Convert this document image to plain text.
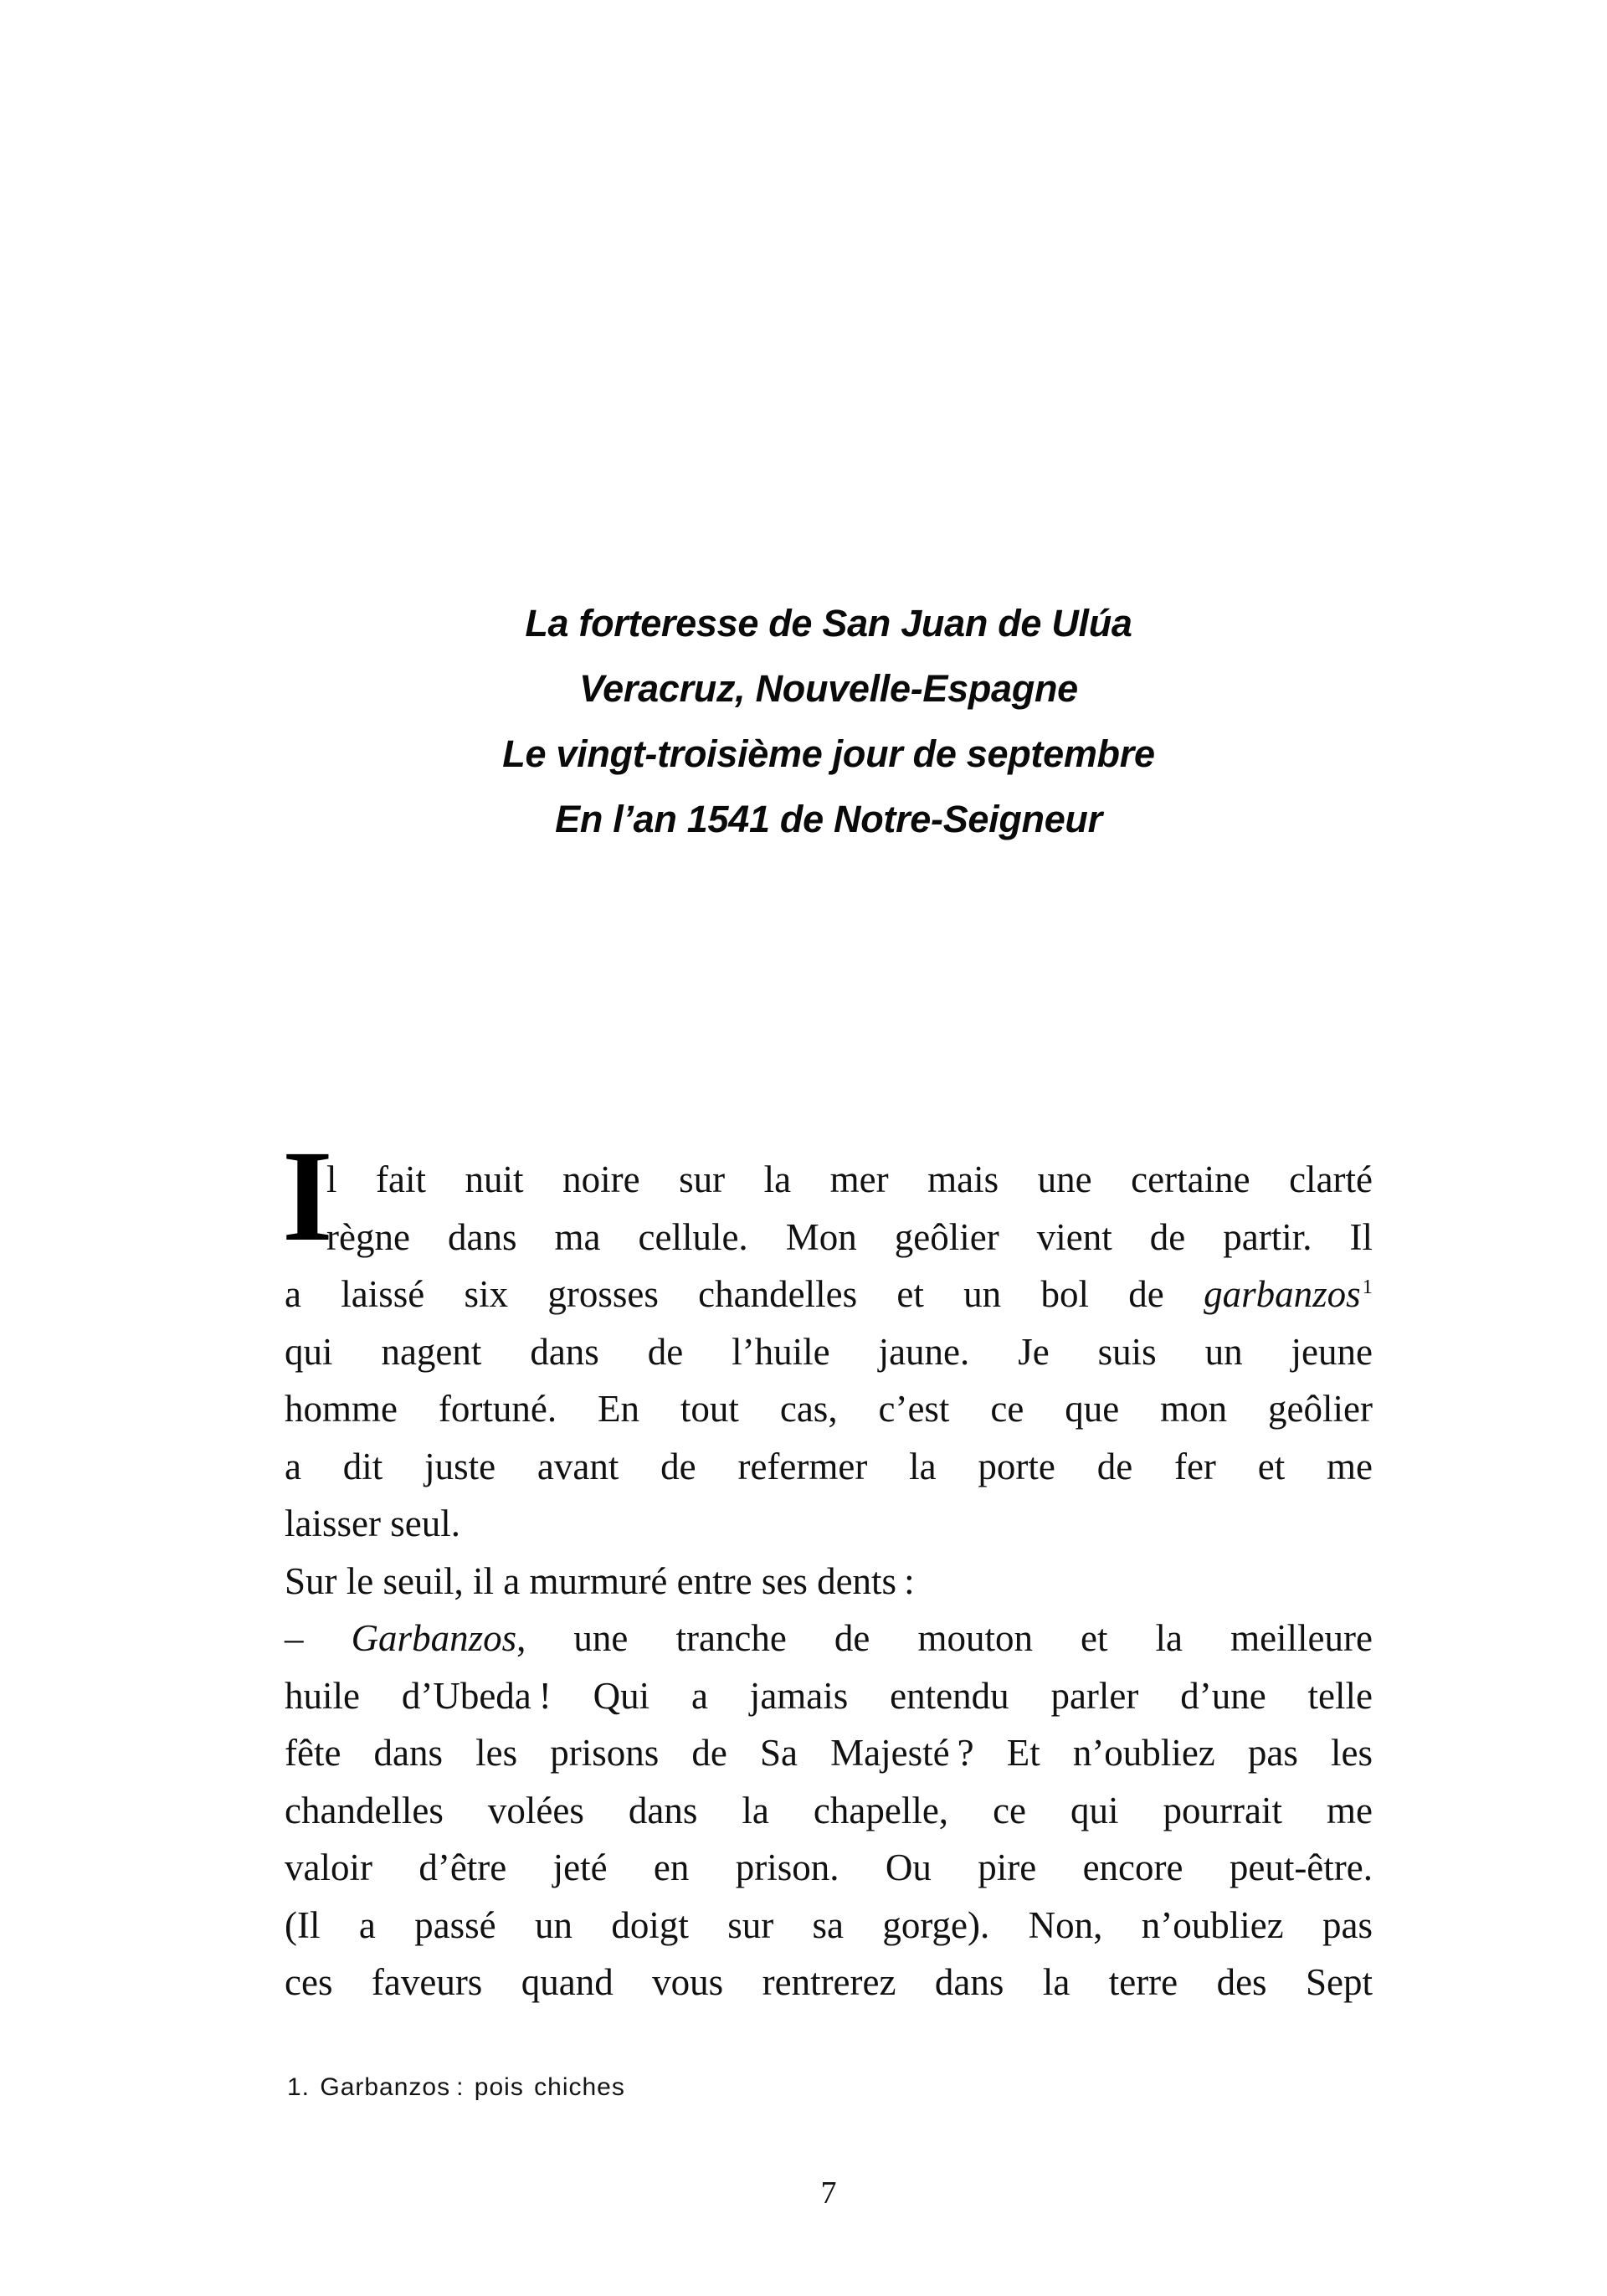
La forteresse de San Juan de Ulúa
Veracruz, Nouvelle-Espagne
Le vingt-troisième jour de septembre
En l’an 1541 de Notre-Seigneur
I
l fait nuit noire sur la mer mais une certaine clarté
règne dans ma cellule. Mon geôlier vient de partir. Il
a laissé six grosses chandelles et un bol de garbanzos$^1$
qui nagent dans de l’huile jaune. Je suis un jeune
homme fortuné. En tout cas, c’est ce que mon geôlier
a dit juste avant de refermer la porte de fer et me
laisser seul.
Sur le seuil, il a murmuré entre ses dents :
– Garbanzos, une tranche de mouton et la meilleure
huile d’Ubeda ! Qui a jamais entendu parler d’une telle
fête dans les prisons de Sa Majesté ? Et n’oubliez pas les
chandelles volées dans la chapelle, ce qui pourrait me
valoir d’être jeté en prison. Ou pire encore peut-être.
(Il a passé un doigt sur sa gorge). Non, n’oubliez pas
ces faveurs quand vous rentrerez dans la terre des Sept
1. Garbanzos : pois chiches
7
